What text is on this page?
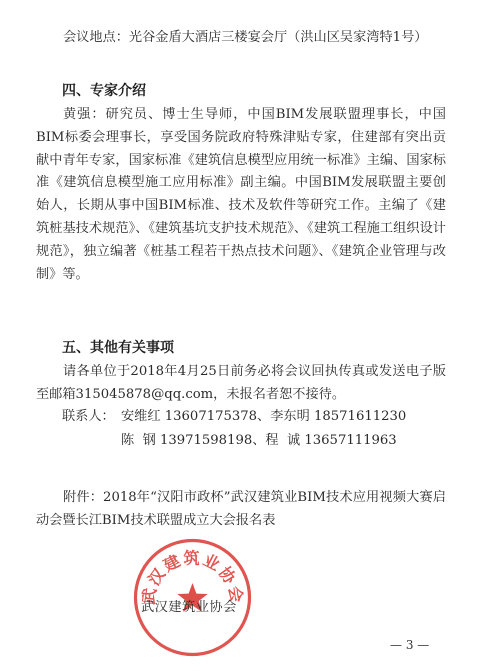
会议地点：光谷金盾大酒店三楼宴会厅（洪山区吴家湾特1号）

四、专家介绍

黄强：研究员、博士生导师，中国BIM发展联盟理事长，中国BIM标委会理事长，享受国务院政府特殊津贴专家，住建部有突出贡献中青年专家，国家标准《建筑信息模型应用统一标准》主编、国家标准《建筑信息模型施工应用标准》副主编。中国BIM发展联盟主要创始人，长期从事中国BIM标准、技术及软件等研究工作。主编了《建筑桩基技术规范》、《建筑基坑支护技术规范》、《建筑工程施工组织设计规范》，独立编著《桩基工程若干热点技术问题》、《建筑企业管理与改制》等。

五、其他有关事项

请各单位于2018年4月25日前务必将会议回执传真或发送电子版至邮箱315045878@qq.com，未报名者恕不接待。

联系人： 安维红 13607175378、李东明 18571611230
陈  钢 13971598198、程  诚 13657111963

附件：2018年“汉阳市政杯”武汉建筑业BIM技术应用视频大赛启动会暨长江BIM技术联盟成立大会报名表

武汉建筑业协会
武汉建筑业协会
— 3 —
